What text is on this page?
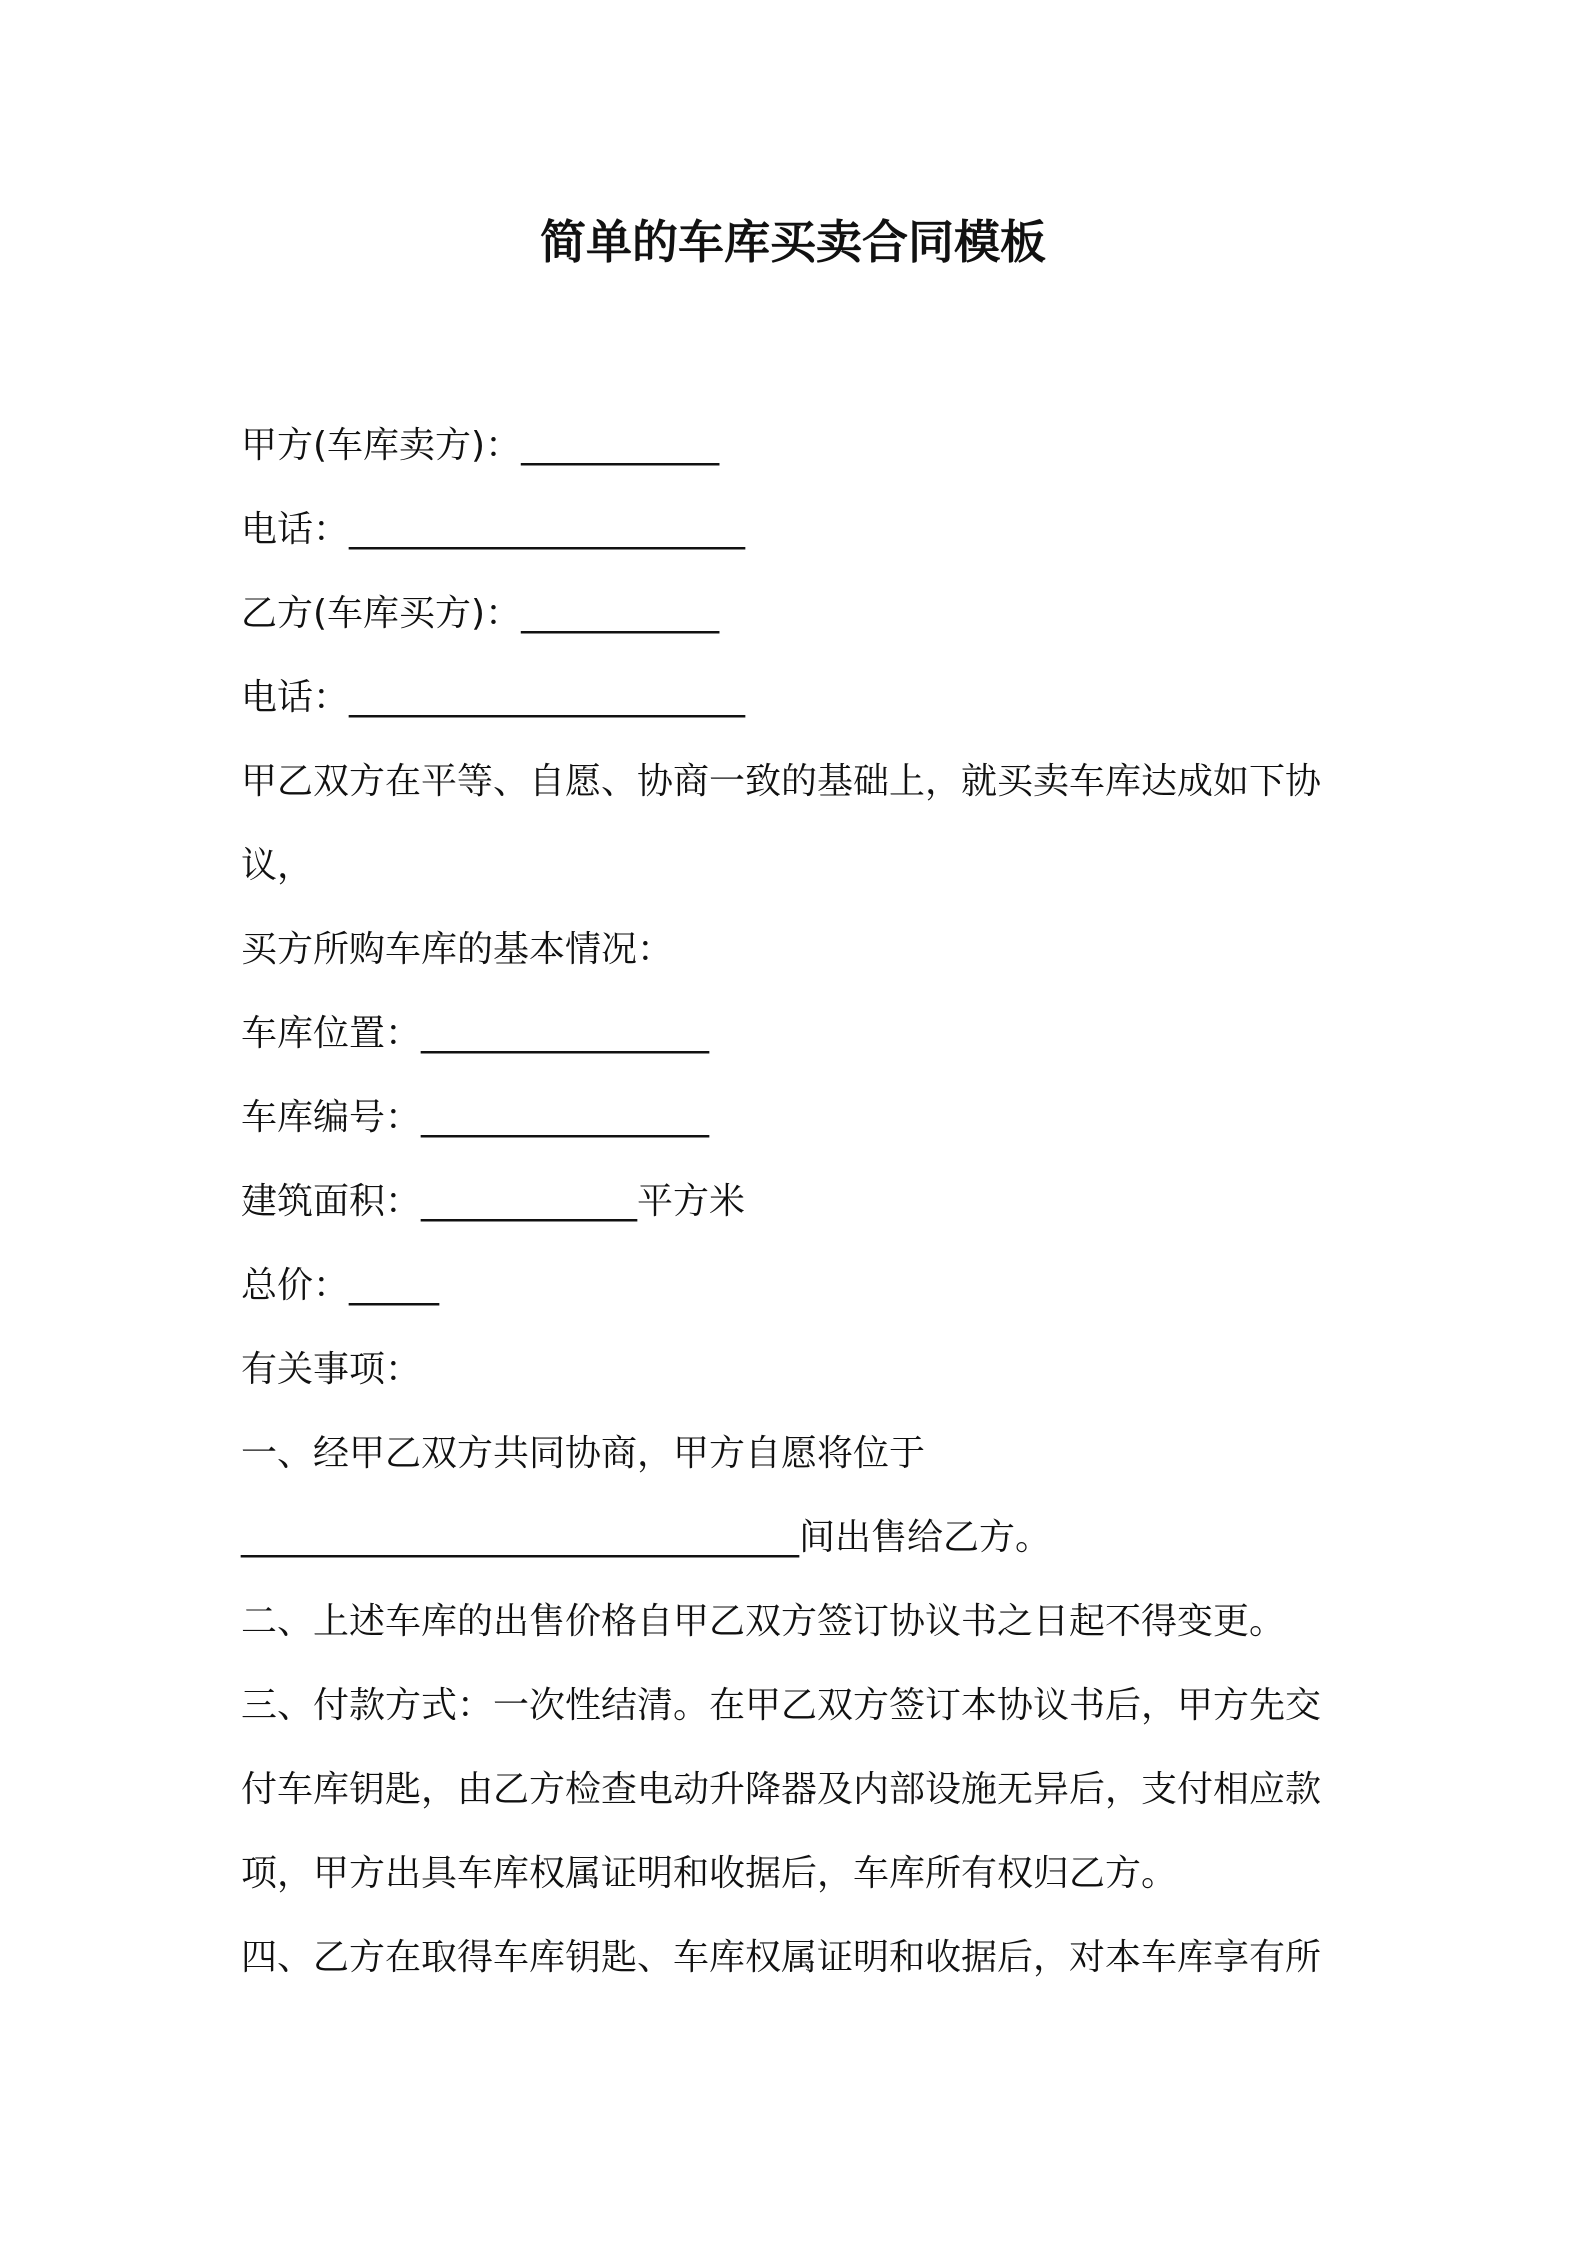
简单的车库买卖合同模板
甲方(车库卖方)：___________
电话：______________________
乙方(车库买方)：___________
电话：______________________
甲乙双方在平等、自愿、协商一致的基础上，就买卖车库达成如下协
议，
买方所购车库的基本情况：
车库位置：________________
车库编号：________________
建筑面积：____________平方米
总价：_____
有关事项：
一、经甲乙双方共同协商，甲方自愿将位于
_______________________________间出售给乙方。
二、上述车库的出售价格自甲乙双方签订协议书之日起不得变更。
三、付款方式：一次性结清。在甲乙双方签订本协议书后，甲方先交
付车库钥匙，由乙方检查电动升降器及内部设施无异后，支付相应款
项，甲方出具车库权属证明和收据后，车库所有权归乙方。
四、乙方在取得车库钥匙、车库权属证明和收据后，对本车库享有所
